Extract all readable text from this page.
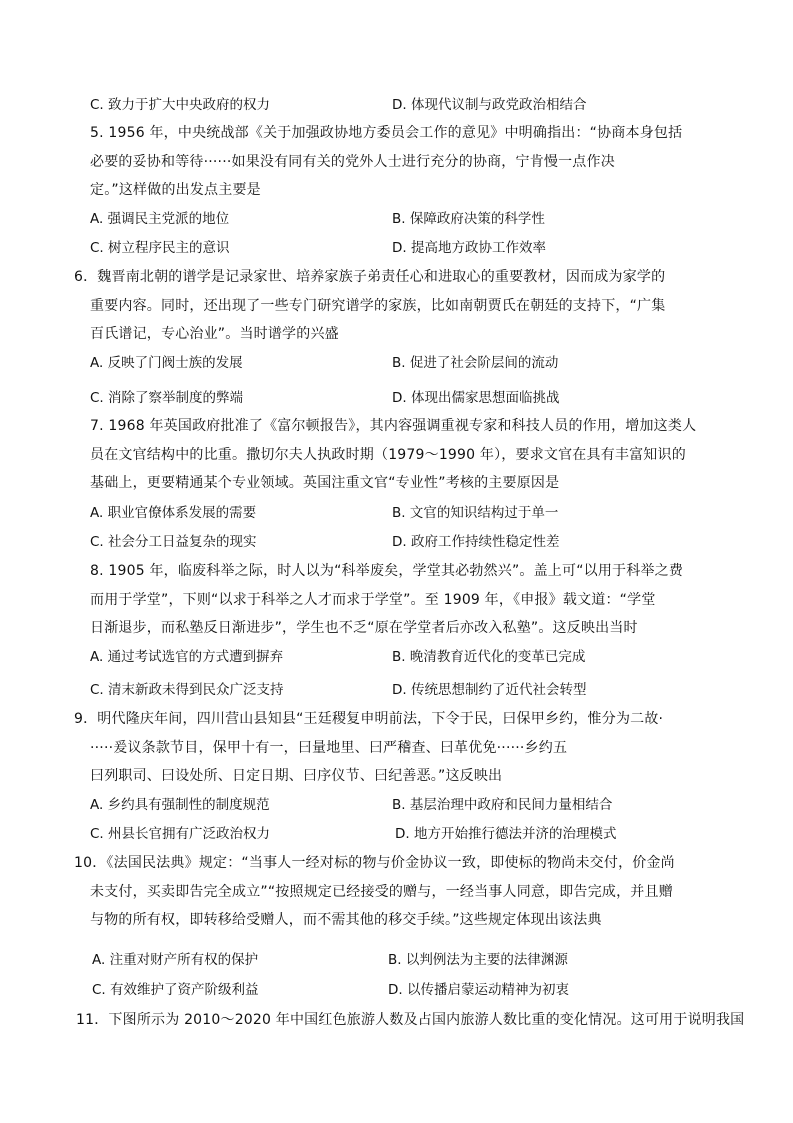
C. 致力于扩大中央政府的权力	D. 体现代议制与政党政治相结合
5. 1956 年，中央统战部《关于加强政协地方委员会工作的意见》中明确指出：“协商本身包括
必要的妥协和等待······如果没有同有关的党外人士进行充分的协商，宁肯慢一点作决
定。”这样做的出发点主要是
A. 强调民主党派的地位	B. 保障政府决策的科学性
C. 树立程序民主的意识	D. 提高地方政协工作效率
6．魏晋南北朝的谱学是记录家世、培养家族子弟责任心和进取心的重要教材，因而成为家学的
重要内容。同时，还出现了一些专门研究谱学的家族，比如南朝贾氏在朝廷的支持下，“广集
百氏谱记，专心治业”。当时谱学的兴盛
A. 反映了门阀士族的发展	B. 促进了社会阶层间的流动
C. 消除了察举制度的弊端	D. 体现出儒家思想面临挑战
7. 1968 年英国政府批准了《富尔顿报告》，其内容强调重视专家和科技人员的作用，增加这类人
员在文官结构中的比重。撒切尔夫人执政时期（1979～1990 年），要求文官在具有丰富知识的
基础上，更要精通某个专业领域。英国注重文官“专业性”考核的主要原因是
A. 职业官僚体系发展的需要	B. 文官的知识结构过于单一
C. 社会分工日益复杂的现实	D. 政府工作持续性稳定性差
8. 1905 年，临废科举之际，时人以为“科举废矣，学堂其必勃然兴”。盖上可“以用于科举之费
而用于学堂”，下则“以求于科举之人才而求于学堂”。至 1909 年，《申报》载文道：“学堂
日渐退步，而私塾反日渐进步”，学生也不乏“原在学堂者后亦改入私塾”。这反映出当时
A. 通过考试选官的方式遭到摒弃	B. 晚清教育近代化的变革已完成
C. 清末新政未得到民众广泛支持	D. 传统思想制约了近代社会转型
9．明代隆庆年间，四川营山县知县“王廷稷复申明前法，下令于民，曰保甲乡约，惟分为二故·
·····爰议条款节目，保甲十有一，曰量地里、曰严稽查、曰革优免······乡约五
曰列职司、曰设处所、日定日期、曰序仪节、曰纪善恶。”这反映出
A. 乡约具有强制性的制度规范	B. 基层治理中政府和民间力量相结合
C. 州县长官拥有广泛政治权力	D. 地方开始推行德法并济的治理模式
10．《法国民法典》规定：“当事人一经对标的物与价金协议一致，即使标的物尚未交付，价金尚
未支付，买卖即告完全成立”“按照规定已经接受的赠与，一经当事人同意，即告完成，并且赠
与物的所有权，即转移给受赠人，而不需其他的移交手续。”这些规定体现出该法典
A. 注重对财产所有权的保护	B. 以判例法为主要的法律渊源
C. 有效维护了资产阶级利益	D. 以传播启蒙运动精神为初衷
11．下图所示为 2010～2020 年中国红色旅游人数及占国内旅游人数比重的变化情况。这可用于说明我国
